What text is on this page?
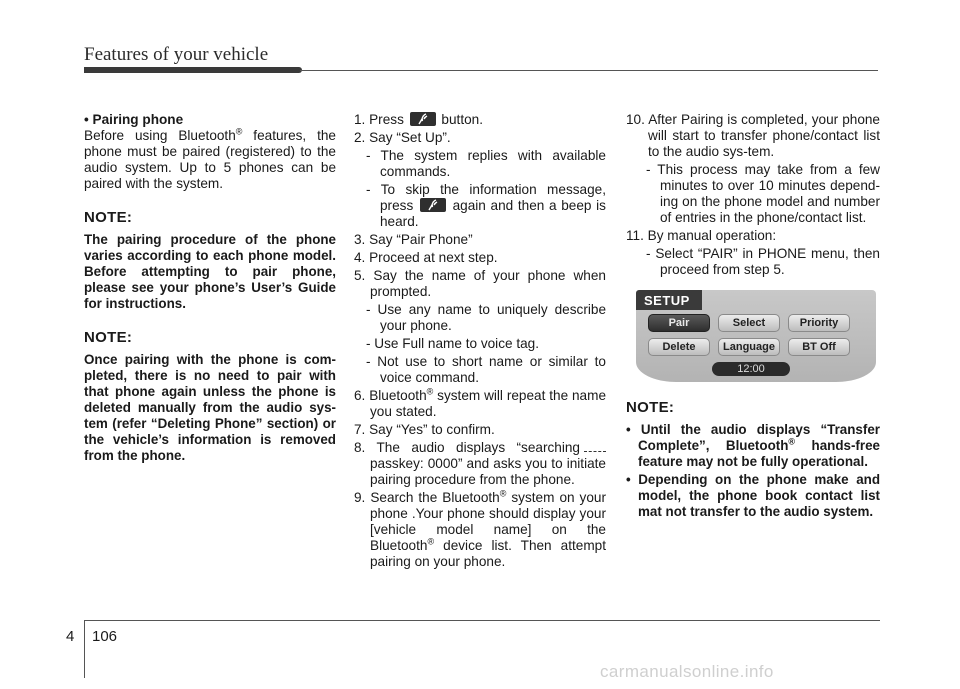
Features of your vehicle
• Pairing phone
Before using Bluetooth® features, the phone must be paired (registered) to the audio system. Up to 5 phones can be paired with the system.
NOTE:
The pairing procedure of the phone varies according to each phone model. Before attempting to pair phone, please see your phone’s User’s Guide for instructions.
NOTE:
Once pairing with the phone is com-pleted, there is no need to pair with that phone again unless the phone is deleted manually from the audio sys-tem (refer “Deleting Phone” section) or the vehicle’s information is removed from the phone.
1. Press
button.
2. Say “Set Up”.
- The system replies with available commands.
- To skip the information message, press
again and then a beep is heard.
3. Say “Pair Phone”
4. Proceed at next step.
5. Say the name of your phone when prompted.
- Use any name to uniquely describe your phone.
- Use Full name to voice tag.
- Not use to short name or similar to voice command.
6. Bluetooth® system will repeat the name you stated.
7. Say “Yes” to confirm.
8. The audio displays “searching passkey: 0000” and asks you to initiate pairing procedure from the phone.
9. Search the Bluetooth® system on your phone .Your phone should display your [vehicle model name] on the Bluetooth® device list. Then attempt pairing on your phone.
10. After Pairing is completed, your phone will start to transfer phone/contact list to the audio sys-tem.
- This process may take from a few minutes to over 10 minutes depend-ing on the phone model and number of entries in the phone/contact list.
11. By manual operation:
- Select “PAIR” in PHONE menu, then proceed from step 5.
SETUP
Pair	Select	Priority
Delete	Language	BT Off
12:00
NOTE:
• Until the audio displays “Transfer Complete”, Bluetooth® hands-free feature may not be fully operational.
• Depending on the phone make and model, the phone book contact list mat not transfer to the audio system.
4 106
carmanualsonline.info
